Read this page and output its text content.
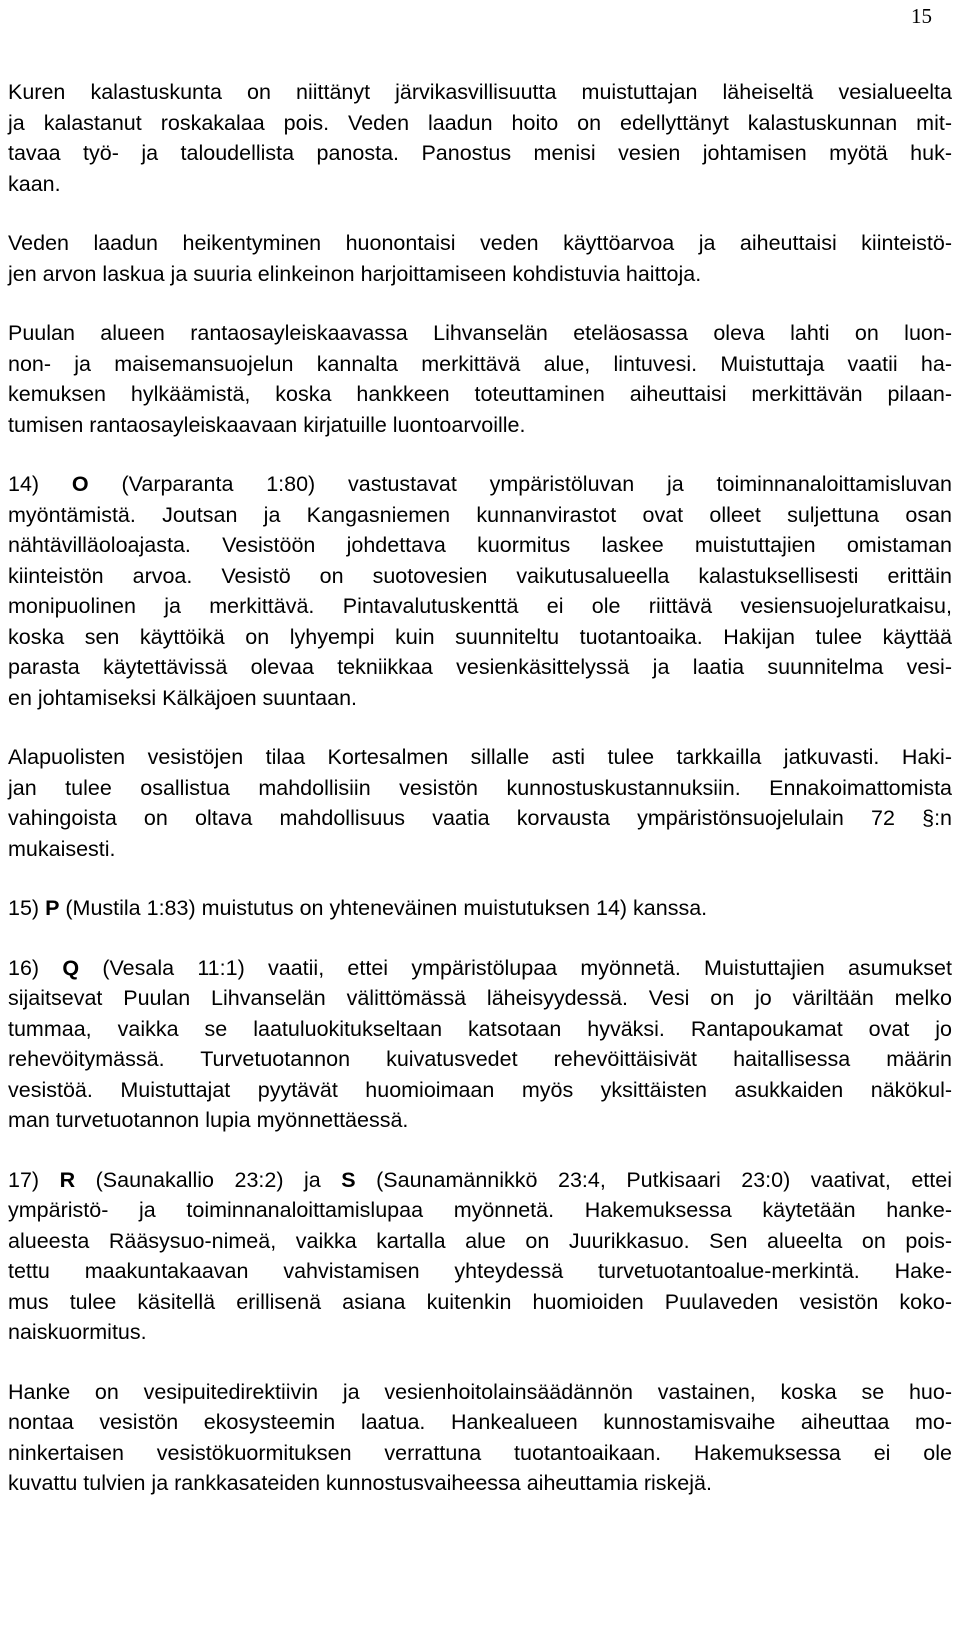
15

Kuren kalastuskunta on niittänyt järvikasvillisuutta muistuttajan läheiseltä vesialueelta
ja kalastanut roskakalaa pois. Veden laadun hoito on edellyttänyt kalastuskunnan mit-
tavaa työ- ja taloudellista panosta. Panostus menisi vesien johtamisen myötä huk-
kaan.

Veden laadun heikentyminen huonontaisi veden käyttöarvoa ja aiheuttaisi kiinteistö-
jen arvon laskua ja suuria elinkeinon harjoittamiseen kohdistuvia haittoja.

Puulan alueen rantaosayleiskaavassa Lihvanselän eteläosassa oleva lahti on luon-
non- ja maisemansuojelun kannalta merkittävä alue, lintuvesi. Muistuttaja vaatii ha-
kemuksen hylkäämistä, koska hankkeen toteuttaminen aiheuttaisi merkittävän pilaan-
tumisen rantaosayleiskaavaan kirjatuille luontoarvoille.

14) O (Varparanta 1:80) vastustavat ympäristöluvan ja toiminnanaloittamisluvan
myöntämistä. Joutsan ja Kangasniemen kunnanvirastot ovat olleet suljettuna osan
nähtävilläoloajasta. Vesistöön johdettava kuormitus laskee muistuttajien omistaman
kiinteistön arvoa. Vesistö on suotovesien vaikutusalueella kalastuksellisesti erittäin
monipuolinen ja merkittävä. Pintavalutuskenttä ei ole riittävä vesiensuojeluratkaisu,
koska sen käyttöikä on lyhyempi kuin suunniteltu tuotantoaika. Hakijan tulee käyttää
parasta käytettävissä olevaa tekniikkaa vesienkäsittelyssä ja laatia suunnitelma vesi-
en johtamiseksi Kälkäjoen suuntaan.

Alapuolisten vesistöjen tilaa Kortesalmen sillalle asti tulee tarkkailla jatkuvasti. Haki-
jan tulee osallistua mahdollisiin vesistön kunnostuskustannuksiin. Ennakoimattomista
vahingoista on oltava mahdollisuus vaatia korvausta ympäristönsuojelulain 72 §:n
mukaisesti.

15) P (Mustila 1:83) muistutus on yhteneväinen muistutuksen 14) kanssa.

16) Q (Vesala 11:1) vaatii, ettei ympäristölupaa myönnetä. Muistuttajien asumukset
sijaitsevat Puulan Lihvanselän välittömässä läheisyydessä. Vesi on jo väriltään melko
tummaa, vaikka se laatuluokitukseltaan katsotaan hyväksi. Rantapoukamat ovat jo
rehevöitymässä. Turvetuotannon kuivatusvedet rehevöittäisivät haitallisessa määrin
vesistöä. Muistuttajat pyytävät huomioimaan myös yksittäisten asukkaiden näkökul-
man turvetuotannon lupia myönnettäessä.

17) R (Saunakallio 23:2) ja S (Saunamännikkö 23:4, Putkisaari 23:0) vaativat, ettei
ympäristö- ja toiminnanaloittamislupaa myönnetä. Hakemuksessa käytetään hanke-
alueesta Rääsysuo-nimeä, vaikka kartalla alue on Juurikkasuo. Sen alueelta on pois-
tettu maakuntakaavan vahvistamisen yhteydessä turvetuotantoalue-merkintä. Hake-
mus tulee käsitellä erillisenä asiana kuitenkin huomioiden Puulaveden vesistön koko-
naiskuormitus.

Hanke on vesipuitedirektiivin ja vesienhoitolainsäädännön vastainen, koska se huo-
nontaa vesistön ekosysteemin laatua. Hankealueen kunnostamisvaihe aiheuttaa mo-
ninkertaisen vesistökuormituksen verrattuna tuotantoaikaan. Hakemuksessa ei ole
kuvattu tulvien ja rankkasateiden kunnostusvaiheessa aiheuttamia riskejä.
